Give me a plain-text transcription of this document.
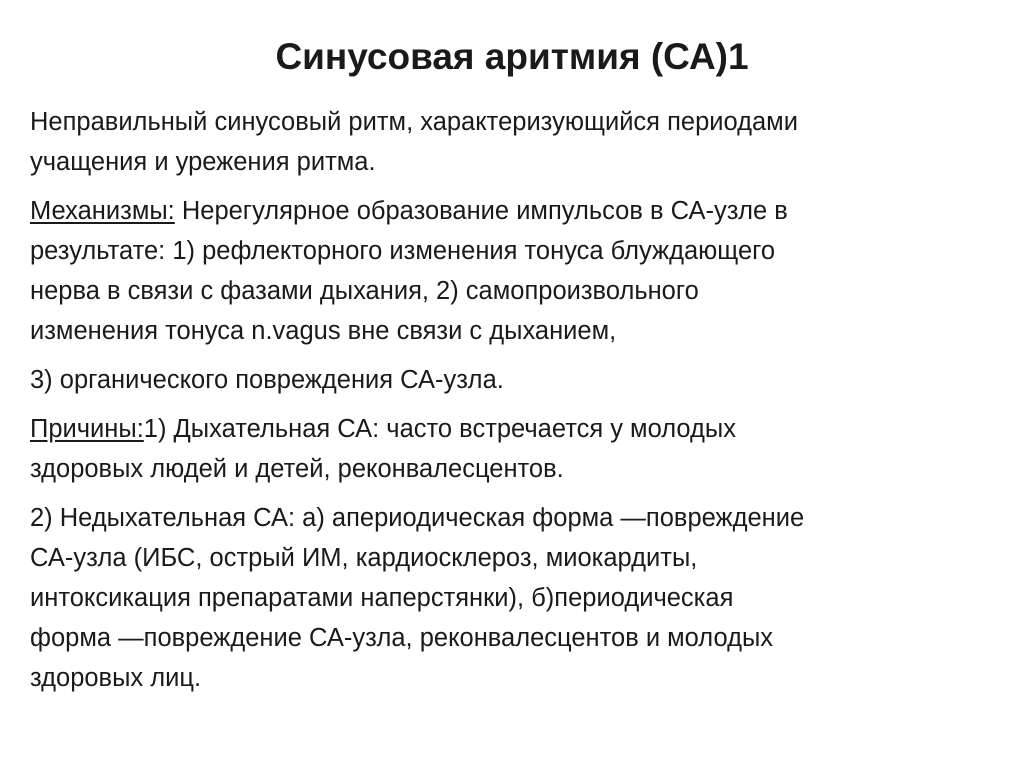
Синусовая аритмия (СА)1
Неправильный синусовый ритм, характеризующийся периодами
учащения и урежения ритма.
Механизмы: Нерегулярное образование импульсов в СА-узле в
результате: 1) рефлекторного изменения тонуса блуждающего
нерва в связи с фазами дыхания, 2) самопроизвольного
изменения тонуса n.vagus вне связи с дыханием,
3) органического повреждения СА-узла.
Причины:1) Дыхательная СА: часто встречается у молодых
здоровых людей и детей, реконвалесцентов.
2) Недыхательная СА: а) апериодическая форма —повреждение
СА-узла (ИБС, острый ИМ, кардиосклероз, миокардиты,
интоксикация препаратами наперстянки), б)периодическая
форма —повреждение СА-узла, реконвалесцентов и молодых
здоровых лиц.
